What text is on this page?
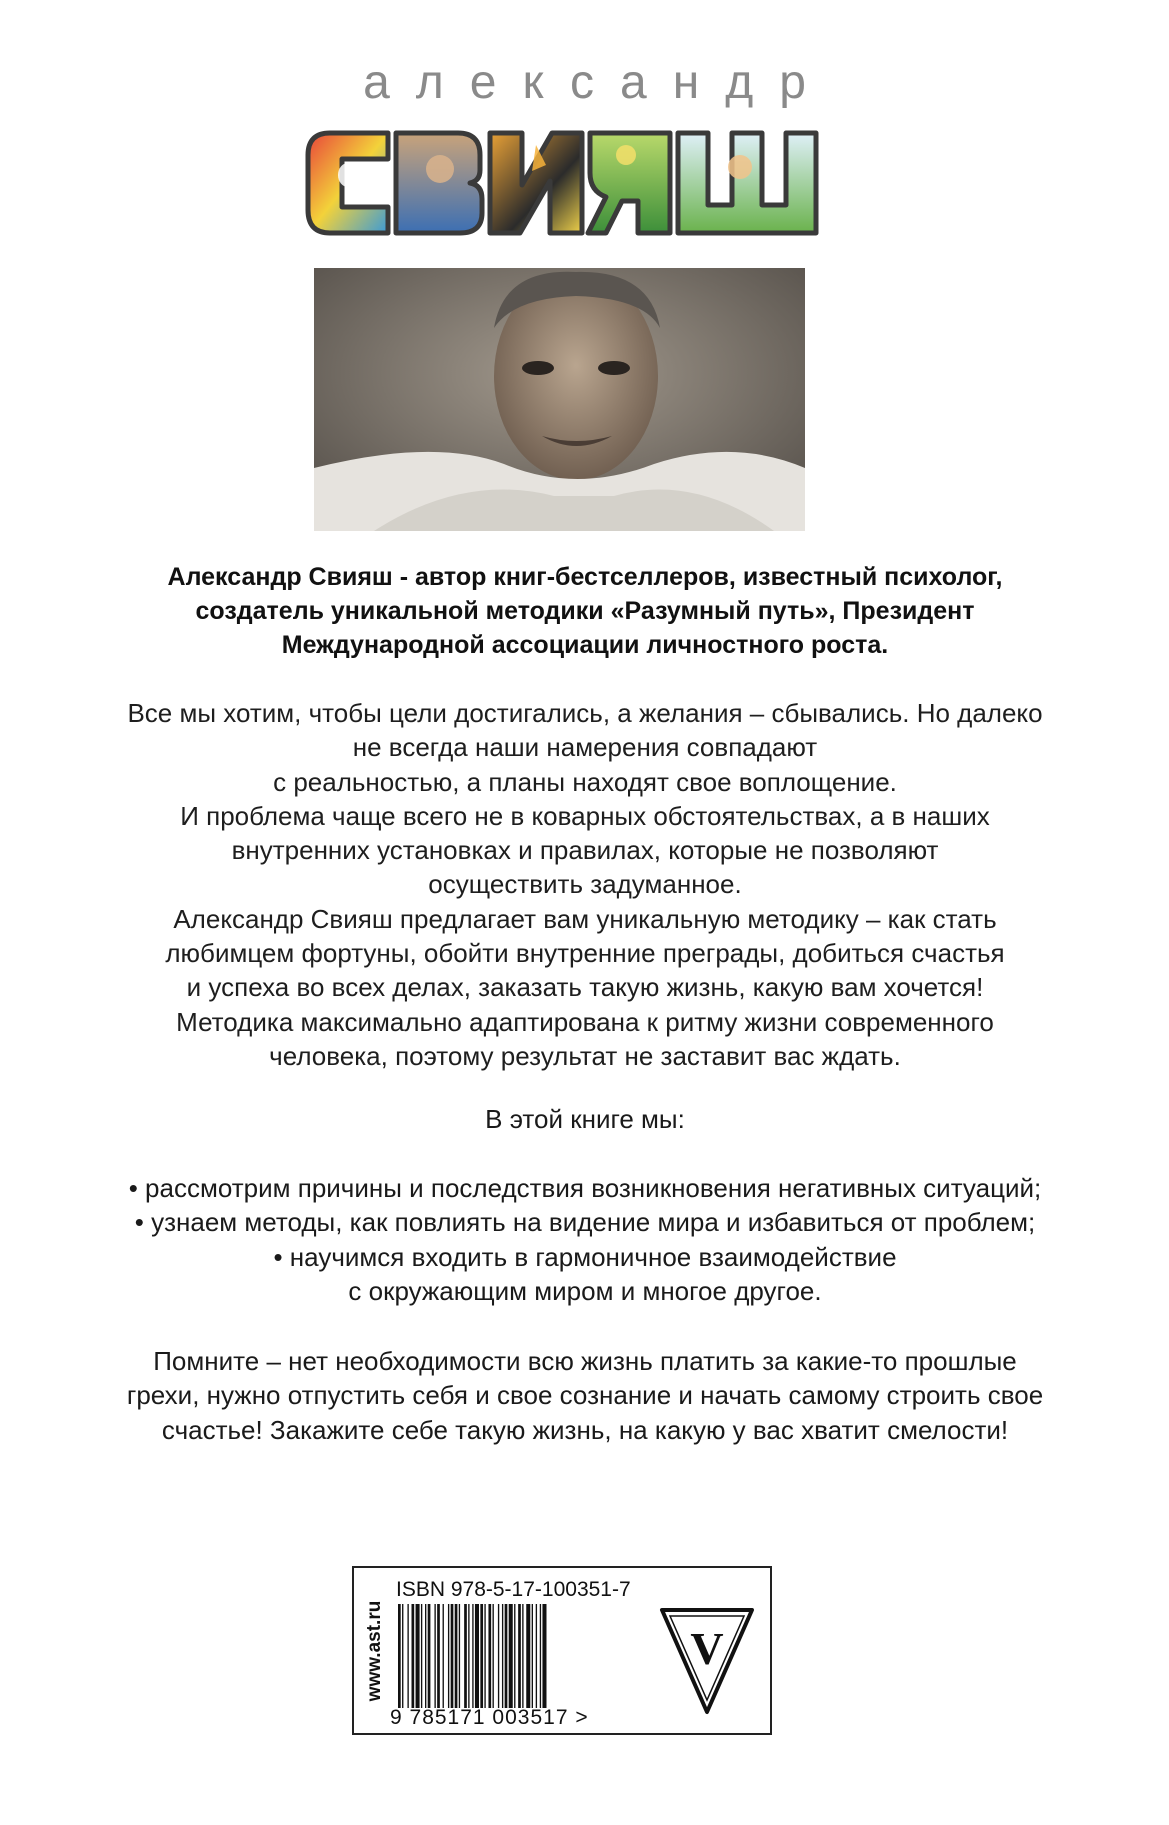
александр
Александр Свияш - автор книг-бестселлеров, известный психолог,
создатель уникальной методики «Разумный путь», Президент
Международной ассоциации личностного роста.
Все мы хотим, чтобы цели достигались, а желания – сбывались. Но далеко
не всегда наши намерения совпадают
с реальностью, а планы находят свое воплощение.
И проблема чаще всего не в коварных обстоятельствах, а в наших
внутренних установках и правилах, которые не позволяют
осуществить задуманное.
Александр Свияш предлагает вам уникальную методику – как стать
любимцем фортуны, обойти внутренние преграды, добиться счастья
и успеха во всех делах, заказать такую жизнь, какую вам хочется!
Методика максимально адаптирована к ритму жизни современного
человека, поэтому результат не заставит вас ждать.
В этой книге мы:
• рассмотрим причины и последствия возникновения негативных ситуаций;
• узнаем методы, как повлиять на видение мира и избавиться от проблем;
• научимся входить в гармоничное взаимодействие
с окружающим миром и многое другое.
Помните – нет необходимости всю жизнь платить за какие-то прошлые
грехи, нужно отпустить себя и свое сознание и начать самому строить свое
счастье! Закажите себе такую жизнь, на какую у вас хватит смелости!
www.ast.ru
ISBN 978-5-17-100351-7
9 785171 003517 >
V
